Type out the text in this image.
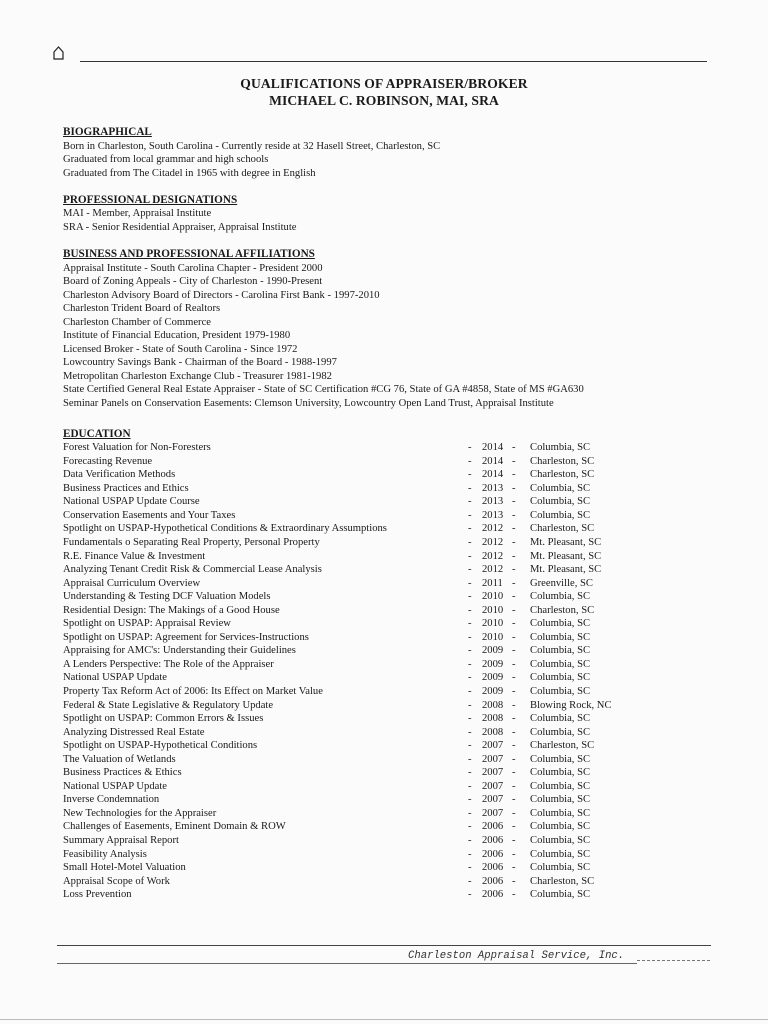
QUALIFICATIONS OF APPRAISER/BROKER
MICHAEL C. ROBINSON, MAI, SRA
BIOGRAPHICAL
Born in Charleston, South Carolina - Currently reside at 32 Hasell Street, Charleston, SC
Graduated from local grammar and high schools
Graduated from The Citadel in 1965 with degree in English
PROFESSIONAL DESIGNATIONS
MAI - Member, Appraisal Institute
SRA - Senior Residential Appraiser, Appraisal Institute
BUSINESS AND PROFESSIONAL AFFILIATIONS
Appraisal Institute - South Carolina Chapter - President 2000
Board of Zoning Appeals - City of Charleston - 1990-Present
Charleston Advisory Board of Directors - Carolina First Bank - 1997-2010
Charleston Trident Board of Realtors
Charleston Chamber of Commerce
Institute of Financial Education, President 1979-1980
Licensed Broker - State of South Carolina - Since 1972
Lowcountry Savings Bank - Chairman of the Board - 1988-1997
Metropolitan Charleston Exchange Club - Treasurer 1981-1982
State Certified General Real Estate Appraiser - State of SC Certification #CG 76, State of GA #4858, State of MS #GA630
Seminar Panels on Conservation Easements: Clemson University, Lowcountry Open Land Trust, Appraisal Institute
EDUCATION
Forest Valuation for Non-Foresters	- 2014 - Columbia, SC
Forecasting Revenue	- 2014 - Charleston, SC
Data Verification Methods	- 2014 - Charleston, SC
Business Practices and Ethics	- 2013 - Columbia, SC
National USPAP Update Course	- 2013 - Columbia, SC
Conservation Easements and Your Taxes	- 2013 - Columbia, SC
Spotlight on USPAP-Hypothetical Conditions & Extraordinary Assumptions	- 2012 - Charleston, SC
Fundamentals o Separating Real Property, Personal Property	- 2012 - Mt. Pleasant, SC
R.E. Finance Value & Investment	- 2012 - Mt. Pleasant, SC
Analyzing Tenant Credit Risk & Commercial Lease Analysis	- 2012 - Mt. Pleasant, SC
Appraisal Curriculum Overview	- 2011 - Greenville, SC
Understanding & Testing DCF Valuation Models	- 2010 - Columbia, SC
Residential Design: The Makings of a Good House	- 2010 - Charleston, SC
Spotlight on USPAP: Appraisal Review	- 2010 - Columbia, SC
Spotlight on USPAP: Agreement for Services-Instructions	- 2010 - Columbia, SC
Appraising for AMC's: Understanding their Guidelines	- 2009 - Columbia, SC
A Lenders Perspective: The Role of the Appraiser	- 2009 - Columbia, SC
National USPAP Update	- 2009 - Columbia, SC
Property Tax Reform Act of 2006: Its Effect on Market Value	- 2009 - Columbia, SC
Federal & State Legislative & Regulatory Update	- 2008 - Blowing Rock, NC
Spotlight on USPAP: Common Errors & Issues	- 2008 - Columbia, SC
Analyzing Distressed Real Estate	- 2008 - Columbia, SC
Spotlight on USPAP-Hypothetical Conditions	- 2007 - Charleston, SC
The Valuation of Wetlands	- 2007 - Columbia, SC
Business Practices & Ethics	- 2007 - Columbia, SC
National USPAP Update	- 2007 - Columbia, SC
Inverse Condemnation	- 2007 - Columbia, SC
New Technologies for the Appraiser	- 2007 - Columbia, SC
Challenges of Easements, Eminent Domain & ROW	- 2006 - Columbia, SC
Summary Appraisal Report	- 2006 - Columbia, SC
Feasibility Analysis	- 2006 - Columbia, SC
Small Hotel-Motel Valuation	- 2006 - Columbia, SC
Appraisal Scope of Work	- 2006 - Charleston, SC
Loss Prevention	- 2006 - Columbia, SC
Charleston Appraisal Service, Inc.
